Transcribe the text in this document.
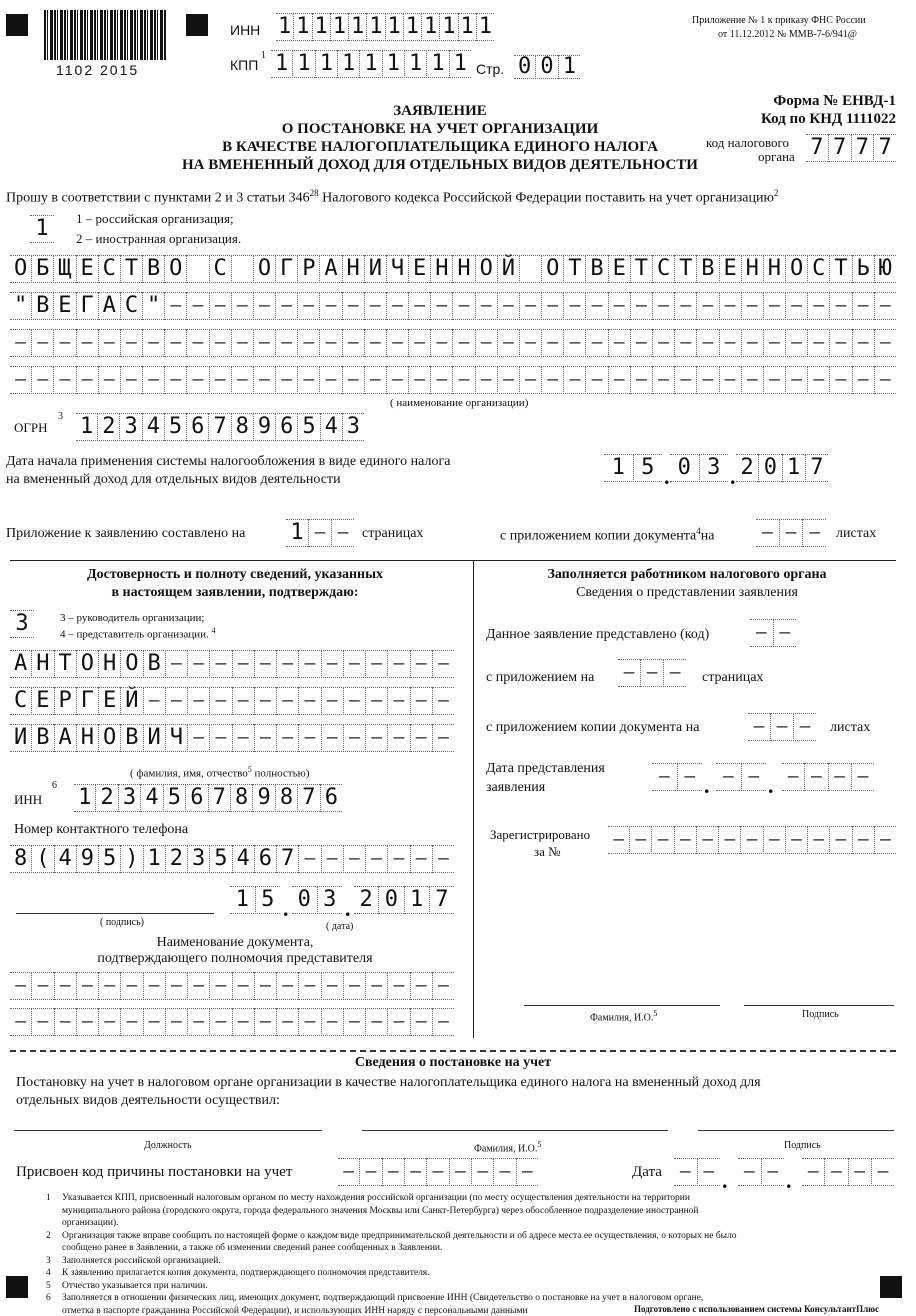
1102 2015
ИНН 1 1 1 1 1 1 1 1 1 1 1 1
КПП
1 1 1 1 1 1 1 1 1 1 Стр. 0 0 1
Приложение № 1 к приказу ФНС России
от 11.12.2012 № ММВ-7-6/941@
ЗАЯВЛЕНИЕ
О ПОСТАНОВКЕ НА УЧЕТ ОРГАНИЗАЦИИ
В КАЧЕСТВЕ НАЛОГОПЛАТЕЛЬЩИКА ЕДИНОГО НАЛОГА
НА ВМЕНЕННЫЙ ДОХОД ДЛЯ ОТДЕЛЬНЫХ ВИДОВ ДЕЯТЕЛЬНОСТИ
Форма № ЕНВД-1
Код по КНД 1111022
код налогового
органа 7 7 7 7
Прошу в соответствии с пунктами 2 и 3 статьи $346^{28}$ Налогового кодекса Российской Федерации поставить на учет организацию$^2$
1	1 – российская организация;
2 – иностранная организация.
О Б Щ Е С Т В О С О Г Р А Н И Ч Е Н Н О Й О Т В Е Т С Т В Е Н Н О С Т Ь Ю
" В Е Г А С " – – – – – – – – – – – – – – – – – – – – – – – – – – – – – – – – –
– – – – – – – – – – – – – – – – – – – – – – – – – – – – – – – – – – – – – – – –
– – – – – – – – – – – – – – – – – – – – – – – – – – – – – – – – – – – – – – – –
( наименование организации)
ОГРН
3 1 2 3 4 5 6 7 8 9 6 5 4 3
Дата начала применения системы налогообложения в виде единого налога
на вмененный доход для отдельных видов деятельности	1 5 . 0 3 . 2 0 1 7
Приложение к заявлению составлено на 1 – – страницах	с приложением копии документа$^4$на	– – –	листах
Достоверность и полноту сведений, указанных
в настоящем заявлении, подтверждаю:
3	3 – руководитель организации;
4 – представитель организации. $^4$
А Н Т О Н О В – – – – – – – – – – – – –
С Е Р Г Е Й – – – – – – – – – – – – – –
И В А Н О В И Ч – – – – – – – – – – – –
( фамилия, имя, отчество$^5$ полностью)
ИНН
6 1 2 3 4 5 6 7 8 9 8 7 6
Номер контактного телефона
8 ( 4 9 5 ) 1 2 3 5 4 6 7 – – – – – – –
( подпись)
1 5 . 0 3 . 2 0 1 7
( дата)
Наименование документа,
подтверждающего полномочия представителя
– – – – – – – – – – – – – – – – – – – –
– – – – – – – – – – – – – – – – – – – –
Заполняется работником налогового органа
Сведения о представлении заявления
Данное заявление представлено (код)	– –
с приложением на	– – –	страницах
с приложением копии документа на	– – –	листах
Дата представления
заявления
– – . – – . – – – –
Зарегистрировано
за №
– – – – – – – – – – – – –
Фамилия, И.О.$^5$	Подпись
Сведения о постановке на учет
Постановку на учет в налоговом органе организации в качестве налогоплательщика единого налога на вмененный доход для
отдельных видов деятельности осуществил:
Должность	Фамилия, И.О.$^5$	Подпись
Присвоен код причины постановки на учет	– – – – – – – – –	Дата – – . – – . – – – –
1 Указывается КПП, присвоенный налоговым органом по месту нахождения российской организации (по месту осуществления деятельности на территории
муниципального района (городского округа, города федерального значения Москвы или Санкт-Петербурга) через обособленное подразделение иностранной
организации).
2 Организация также вправе сообщить по настоящей форме о каждом виде предпринимательской деятельности и об адресе места ее осуществления, о которых не было
сообщено ранее в Заявлении, а также об изменении сведений ранее сообщенных в Заявлении.
3 Заполняется российской организацией.
4 К заявлению прилагается копия документа, подтверждающего полномочия представителя.
5 Отчество указывается при наличии.
6 Заполняется в отношении физических лиц, имеющих документ, подтверждающий присвоение ИНН (Свидетельство о постановке на учет в налоговом органе,
отметка в паспорте гражданина Российской Федерации), и использующих ИНН наряду с персональными данными	Подготовлено с использованием системы КонсультантПлюс
